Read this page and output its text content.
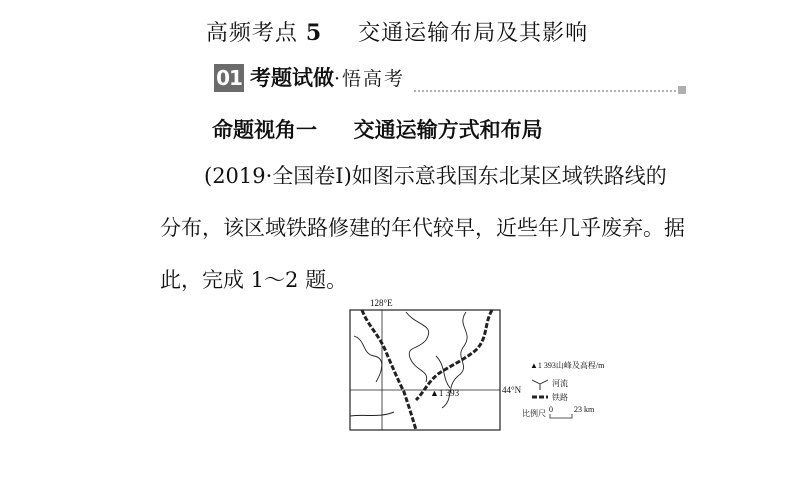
高频考点 5 交通运输布局及其影响
01 考题试做·悟高考
命题视角一 交通运输方式和布局
(2019·全国卷Ⅰ)如图示意我国东北某区域铁路线的
分布，该区域铁路修建的年代较早，近些年几乎废弃。据
此，完成 1～2 题。
128°E
44°N
▲1 393
▲1 393山峰及高程/m
河流
铁路
比例尺 0	23 km
